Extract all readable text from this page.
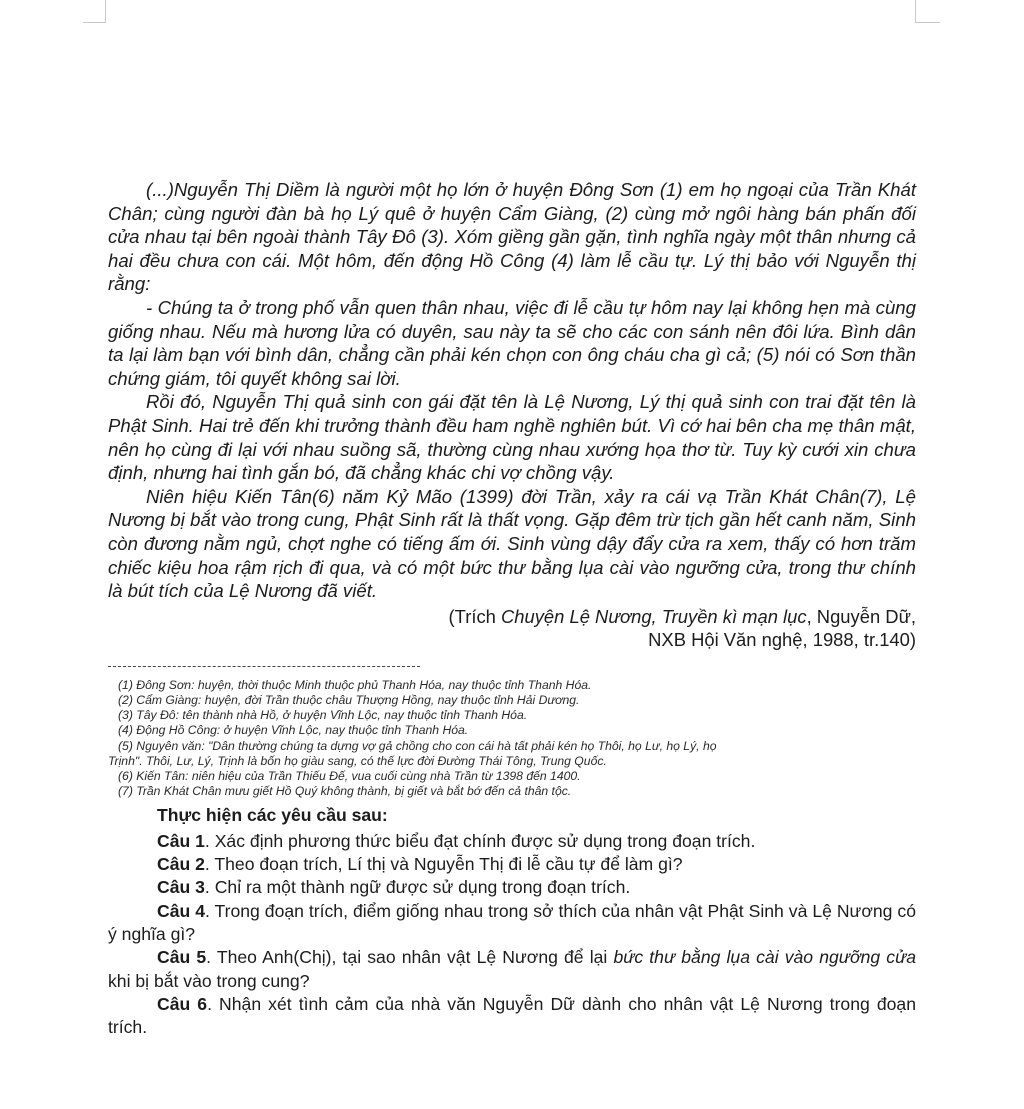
(...)Nguyễn Thị Diềm là người một họ lớn ở huyện Đông Sơn (1) em họ ngoại của Trần Khát Chân; cùng người đàn bà họ Lý quê ở huyện Cẩm Giàng, (2) cùng mở ngôi hàng bán phấn đối cửa nhau tại bên ngoài thành Tây Đô (3). Xóm giềng gần gặn, tình nghĩa ngày một thân nhưng cả hai đều chưa con cái. Một hôm, đến động Hồ Công (4) làm lễ cầu tự. Lý thị bảo với Nguyễn thị rằng:

- Chúng ta ở trong phố vẫn quen thân nhau, việc đi lễ cầu tự hôm nay lại không hẹn mà cùng giống nhau. Nếu mà hương lửa có duyên, sau này ta sẽ cho các con sánh nên đôi lứa. Bình dân ta lại làm bạn với bình dân, chẳng cần phải kén chọn con ông cháu cha gì cả; (5) nói có Sơn thần chứng giám, tôi quyết không sai lời.

Rồi đó, Nguyễn Thị quả sinh con gái đặt tên là Lệ Nương, Lý thị quả sinh con trai đặt tên là Phật Sinh. Hai trẻ đến khi trưởng thành đều ham nghề nghiên bút. Vì cớ hai bên cha mẹ thân mật, nên họ cùng đi lại với nhau suồng sã, thường cùng nhau xướng họa thơ từ. Tuy kỳ cưới xin chưa định, nhưng hai tình gắn bó, đã chẳng khác chi vợ chồng vậy.

Niên hiệu Kiến Tân(6) năm Kỷ Mão (1399) đời Trần, xảy ra cái vạ Trần Khát Chân(7), Lệ Nương bị bắt vào trong cung, Phật Sinh rất là thất vọng. Gặp đêm trừ tịch gần hết canh năm, Sinh còn đương nằm ngủ, chợt nghe có tiếng ấm ới. Sinh vùng dậy đẩy cửa ra xem, thấy có hơn trăm chiếc kiệu hoa rậm rịch đi qua, và có một bức thư bằng lụa cài vào ngưỡng cửa, trong thư chính là bút tích của Lệ Nương đã viết.

(Trích Chuyện Lệ Nương, Truyền kì mạn lục, Nguyễn Dữ,
NXB Hội Văn nghệ, 1988, tr.140)

(1) Đông Sơn: huyện, thời thuộc Minh thuộc phủ Thanh Hóa, nay thuộc tỉnh Thanh Hóa.

(2) Cẩm Giàng: huyện, đời Trần thuộc châu Thượng Hồng, nay thuộc tỉnh Hải Dương.

(3) Tây Đô: tên thành nhà Hồ, ở huyện Vĩnh Lộc, nay thuộc tỉnh Thanh Hóa.

(4) Động Hồ Công: ở huyện Vĩnh Lộc, nay thuộc tỉnh Thanh Hóa.

(5) Nguyên văn: "Dân thường chúng ta dựng vợ gả chồng cho con cái hà tất phải kén họ Thôi, họ Lư, họ Lý, họ

Trịnh". Thôi, Lư, Lý, Trịnh là bốn họ giàu sang, có thế lực đời Đường Thái Tông, Trung Quốc.

(6) Kiến Tân: niên hiệu của Trần Thiếu Đế, vua cuối cùng nhà Trần từ 1398 đến 1400.

(7) Trần Khát Chân mưu giết Hồ Quý không thành, bị giết và bắt bớ đến cả thân tộc.

Thực hiện các yêu cầu sau:

Câu 1. Xác định phương thức biểu đạt chính được sử dụng trong đoạn trích.

Câu 2. Theo đoạn trích, Lí thị và Nguyễn Thị đi lễ cầu tự để làm gì?

Câu 3. Chỉ ra một thành ngữ được sử dụng trong đoạn trích.

Câu 4. Trong đoạn trích, điểm giống nhau trong sở thích của nhân vật Phật Sinh và Lệ Nương có ý nghĩa gì?

Câu 5. Theo Anh(Chị), tại sao nhân vật Lệ Nương để lại bức thư bằng lụa cài vào ngưỡng cửa khi bị bắt vào trong cung?

Câu 6. Nhận xét tình cảm của nhà văn Nguyễn Dữ dành cho nhân vật Lệ Nương trong đoạn trích.
